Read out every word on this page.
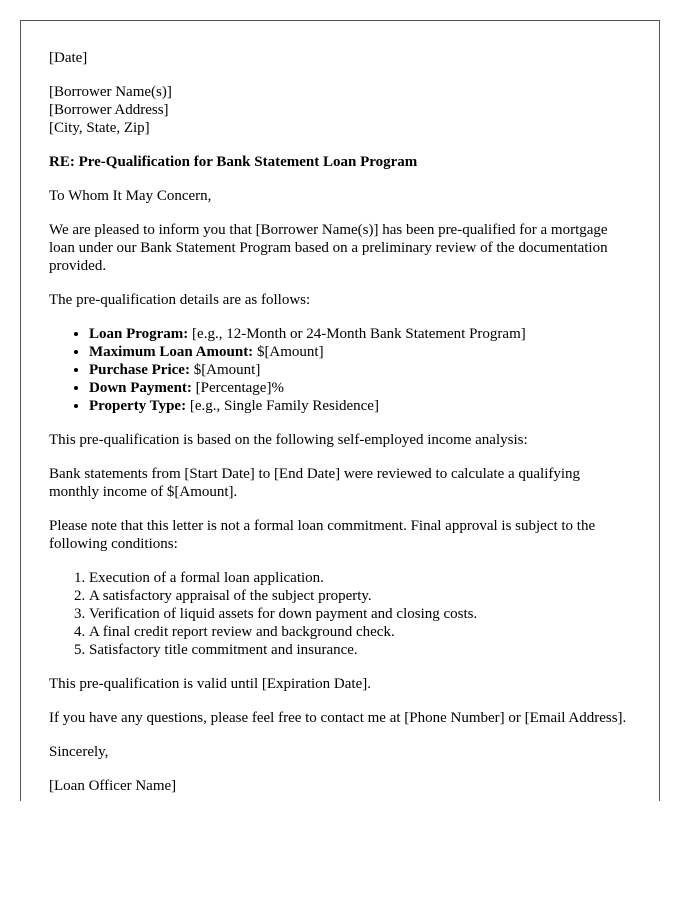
[Date]

[Borrower Name(s)]
[Borrower Address]
[City, State, Zip]

RE: Pre-Qualification for Bank Statement Loan Program

To Whom It May Concern,

We are pleased to inform you that [Borrower Name(s)] has been pre-qualified for a mortgage loan under our Bank Statement Program based on a preliminary review of the documentation provided.

The pre-qualification details are as follows:

• Loan Program: [e.g., 12-Month or 24-Month Bank Statement Program]
• Maximum Loan Amount: $[Amount]
• Purchase Price: $[Amount]
• Down Payment: [Percentage]%
• Property Type: [e.g., Single Family Residence]

This pre-qualification is based on the following self-employed income analysis:

Bank statements from [Start Date] to [End Date] were reviewed to calculate a qualifying monthly income of $[Amount].

Please note that this letter is not a formal loan commitment. Final approval is subject to the following conditions:

1. Execution of a formal loan application.
2. A satisfactory appraisal of the subject property.
3. Verification of liquid assets for down payment and closing costs.
4. A final credit report review and background check.
5. Satisfactory title commitment and insurance.

This pre-qualification is valid until [Expiration Date].

If you have any questions, please feel free to contact me at [Phone Number] or [Email Address].

Sincerely,

[Loan Officer Name]
